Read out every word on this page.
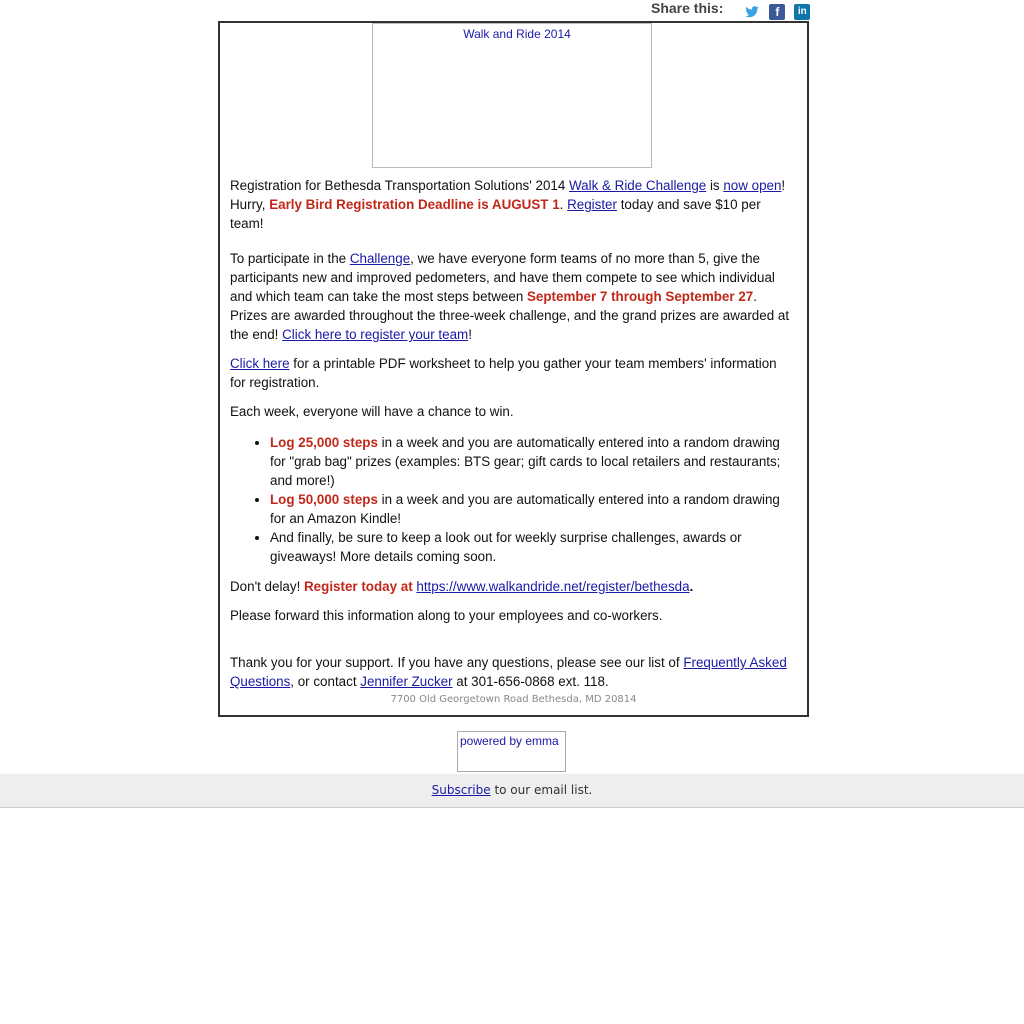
Share this:	f	in
Walk and Ride 2014

Registration for Bethesda Transportation Solutions' 2014 Walk & Ride Challenge is now open! Hurry, Early Bird Registration Deadline is AUGUST 1. Register today and save $10 per team!

To participate in the Challenge, we have everyone form teams of no more than 5, give the participants new and improved pedometers, and have them compete to see which individual and which team can take the most steps between September 7 through September 27. Prizes are awarded throughout the three-week challenge, and the grand prizes are awarded at the end! Click here to register your team!

Click here for a printable PDF worksheet to help you gather your team members' information for registration.

Each week, everyone will have a chance to win.

• Log 25,000 steps in a week and you are automatically entered into a random drawing for "grab bag" prizes (examples: BTS gear; gift cards to local retailers and restaurants; and more!)
• Log 50,000 steps in a week and you are automatically entered into a random drawing for an Amazon Kindle!
• And finally, be sure to keep a look out for weekly surprise challenges, awards or giveaways! More details coming soon.

Don't delay! Register today at https://www.walkandride.net/register/bethesda.

Please forward this information along to your employees and co-workers.

Thank you for your support. If you have any questions, please see our list of Frequently Asked Questions, or contact Jennifer Zucker at 301-656-0868 ext. 118.

7700 Old Georgetown Road Bethesda, MD 20814
powered by emma
Subscribe to our email list.
